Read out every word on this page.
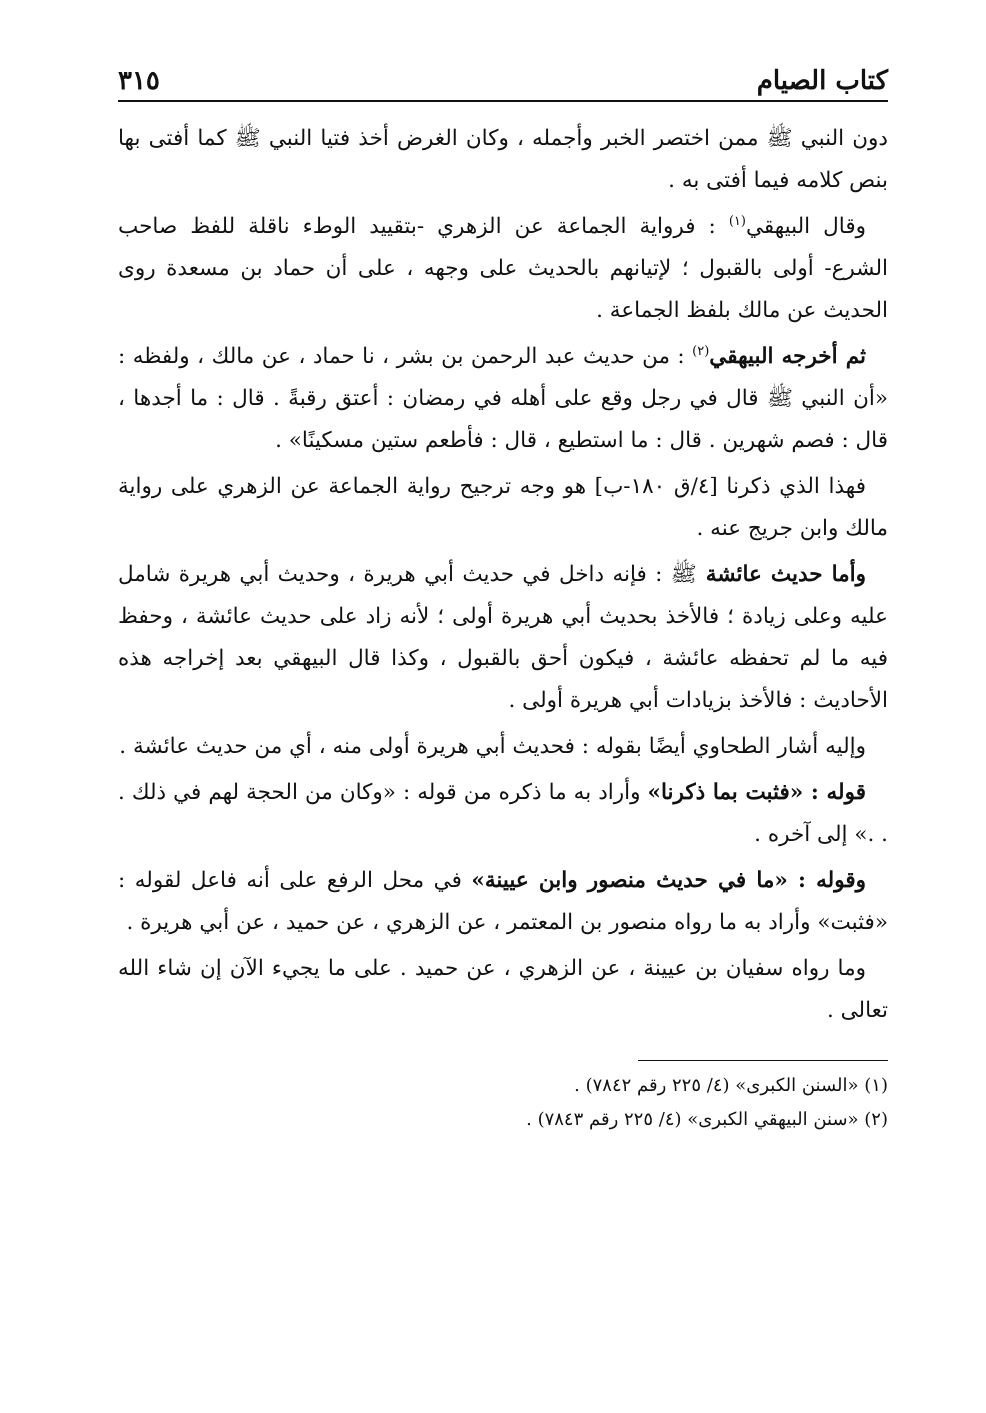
كتاب الصيام
٣١٥

دون النبي ﷺ ممن اختصر الخبر وأجمله ، وكان الغرض أخذ فتيا النبي ﷺ كما أفتى بها بنص كلامه فيما أفتى به .

وقال البيهقي$^{(١)}$ : فرواية الجماعة عن الزهري -بتقييد الوطء ناقلة للفظ صاحب الشرع- أولى بالقبول ؛ لإتيانهم بالحديث على وجهه ، على أن حماد بن مسعدة روى الحديث عن مالك بلفظ الجماعة .

ثم أخرجه البيهقي$^{(٢)}$ : من حديث عبد الرحمن بن بشر ، نا حماد ، عن مالك ، ولفظه : «أن النبي ﷺ قال في رجل وقع على أهله في رمضان : أعتق رقبةً . قال : ما أجدها ، قال : فصم شهرين . قال : ما استطيع ، قال : فأطعم ستين مسكينًا» .

فهذا الذي ذكرنا [٤/ق ١٨٠-ب] هو وجه ترجيح رواية الجماعة عن الزهري على رواية مالك وابن جريج عنه .

وأما حديث عائشة ﷺ : فإنه داخل في حديث أبي هريرة ، وحديث أبي هريرة شامل عليه وعلى زيادة ؛ فالأخذ بحديث أبي هريرة أولى ؛ لأنه زاد على حديث عائشة ، وحفظ فيه ما لم تحفظه عائشة ، فيكون أحق بالقبول ، وكذا قال البيهقي بعد إخراجه هذه الأحاديث : فالأخذ بزيادات أبي هريرة أولى .

وإليه أشار الطحاوي أيضًا بقوله : فحديث أبي هريرة أولى منه ، أي من حديث عائشة .

قوله : «فثبت بما ذكرنا» وأراد به ما ذكره من قوله : «وكان من الحجة لهم في ذلك . . .» إلى آخره .

وقوله : «ما في حديث منصور وابن عيينة» في محل الرفع على أنه فاعل لقوله : «فثبت» وأراد به ما رواه منصور بن المعتمر ، عن الزهري ، عن حميد ، عن أبي هريرة .

وما رواه سفيان بن عيينة ، عن الزهري ، عن حميد . على ما يجيء الآن إن شاء الله تعالى .

(١) «السنن الكبرى» (٤/ ٢٢٥ رقم ٧٨٤٢) .

(٢) «سنن البيهقي الكبرى» (٤/ ٢٢٥ رقم ٧٨٤٣) .
